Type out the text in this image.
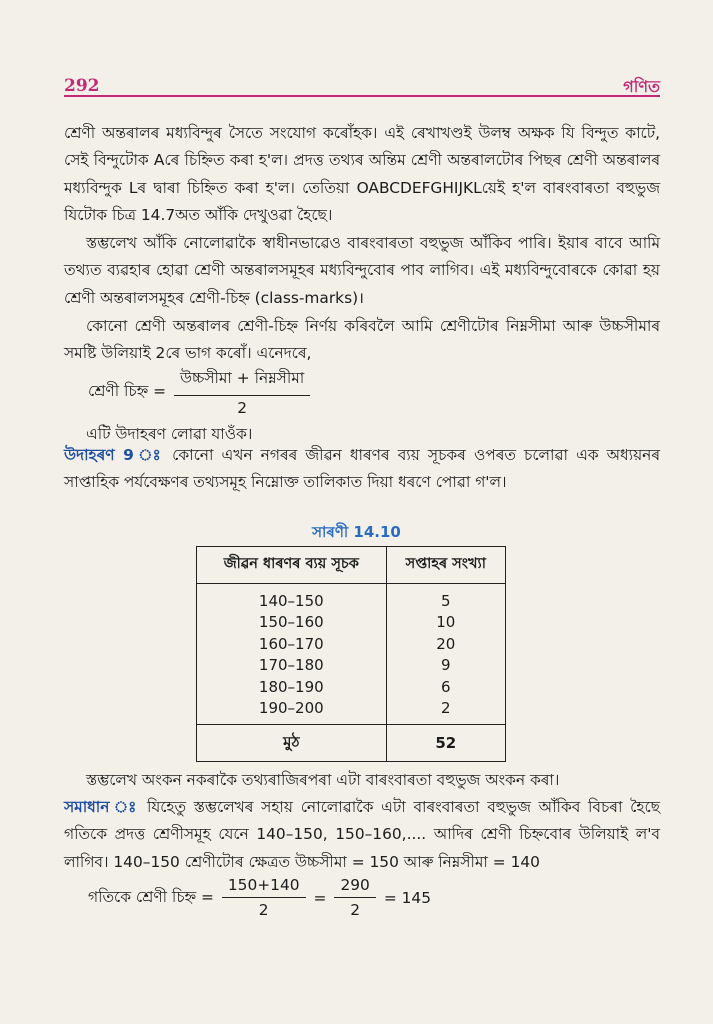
292	গণিত
শ্ৰেণী অন্তৰালৰ মধ্যবিন্দুৰ সৈতে সংযোগ কৰোঁহক। এই ৰেখাখণ্ডই উলম্ব অক্ষক যি বিন্দুত কাটে, সেই বিন্দুটোক Aৰে চিহ্নিত কৰা হ'ল। প্ৰদত্ত তথ্যৰ অন্তিম শ্ৰেণী অন্তৰালটোৰ পিছৰ শ্ৰেণী অন্তৰালৰ মধ্যবিন্দুক Lৰ দ্বাৰা চিহ্নিত কৰা হ'ল। তেতিয়া OABCDEFGHIJKLয়েই হ'ল বাৰংবাৰতা বহুভুজ যিটোক চিত্ৰ 14.7অত আঁকি দেখুওৱা হৈছে।
স্তম্ভলেখ আঁকি নোলোৱাকৈ স্বাধীনভাৱেও বাৰংবাৰতা বহুভুজ আঁকিব পাৰি। ইয়াৰ বাবে আমি তথ্যত ব্যৱহাৰ হোৱা শ্ৰেণী অন্তৰালসমূহৰ মধ্যবিন্দুবোৰ পাব লাগিব। এই মধ্যবিন্দুবোৰকে কোৱা হয় শ্ৰেণী অন্তৰালসমূহৰ শ্ৰেণী-চিহ্ন (class-marks)।
কোনো শ্ৰেণী অন্তৰালৰ শ্ৰেণী-চিহ্ন নিৰ্ণয় কৰিবলৈ আমি শ্ৰেণীটোৰ নিম্নসীমা আৰু উচ্চসীমাৰ সমষ্টি উলিয়াই 2ৰে ভাগ কৰোঁ। এনেদৰে,
শ্ৰেণী চিহ্ন = $\frac{\text{উচ্চসীমা + নিম্নসীমা}}{2}$
এটি উদাহৰণ লোৱা যাওঁক।
উদাহৰণ 9 ঃ কোনো এখন নগৰৰ জীৱন ধাৰণৰ ব্যয় সূচকৰ ওপৰত চলোৱা এক অধ্যয়নৰ সাপ্তাহিক পৰ্যবেক্ষণৰ তথ্যসমূহ নিম্নোক্ত তালিকাত দিয়া ধৰণে পোৱা গ'ল।
সাৰণী 14.10
জীৱন ধাৰণৰ ব্যয় সূচক	সপ্তাহৰ সংখ্যা
140–150	5
150–160	10
160–170	20
170–180	9
180–190	6
190–200	2
মুঠ	52
স্তম্ভলেখ অংকন নকৰাকৈ তথ্যৰাজিৰপৰা এটা বাৰংবাৰতা বহুভুজ অংকন কৰা।
সমাধান ঃ যিহেতু স্তম্ভলেখৰ সহায় নোলোৱাকৈ এটা বাৰংবাৰতা বহুভুজ আঁকিব বিচৰা হৈছে গতিকে প্ৰদত্ত শ্ৰেণীসমূহ যেনে 140–150, 150–160,.... আদিৰ শ্ৰেণী চিহ্নবোৰ উলিয়াই ল'ব লাগিব। 140–150 শ্ৰেণীটোৰ ক্ষেত্ৰত উচ্চসীমা = 150 আৰু নিম্নসীমা = 140
গতিকে শ্ৰেণী চিহ্ন = $\frac{150+140}{2} = \frac{290}{2} = 145$
